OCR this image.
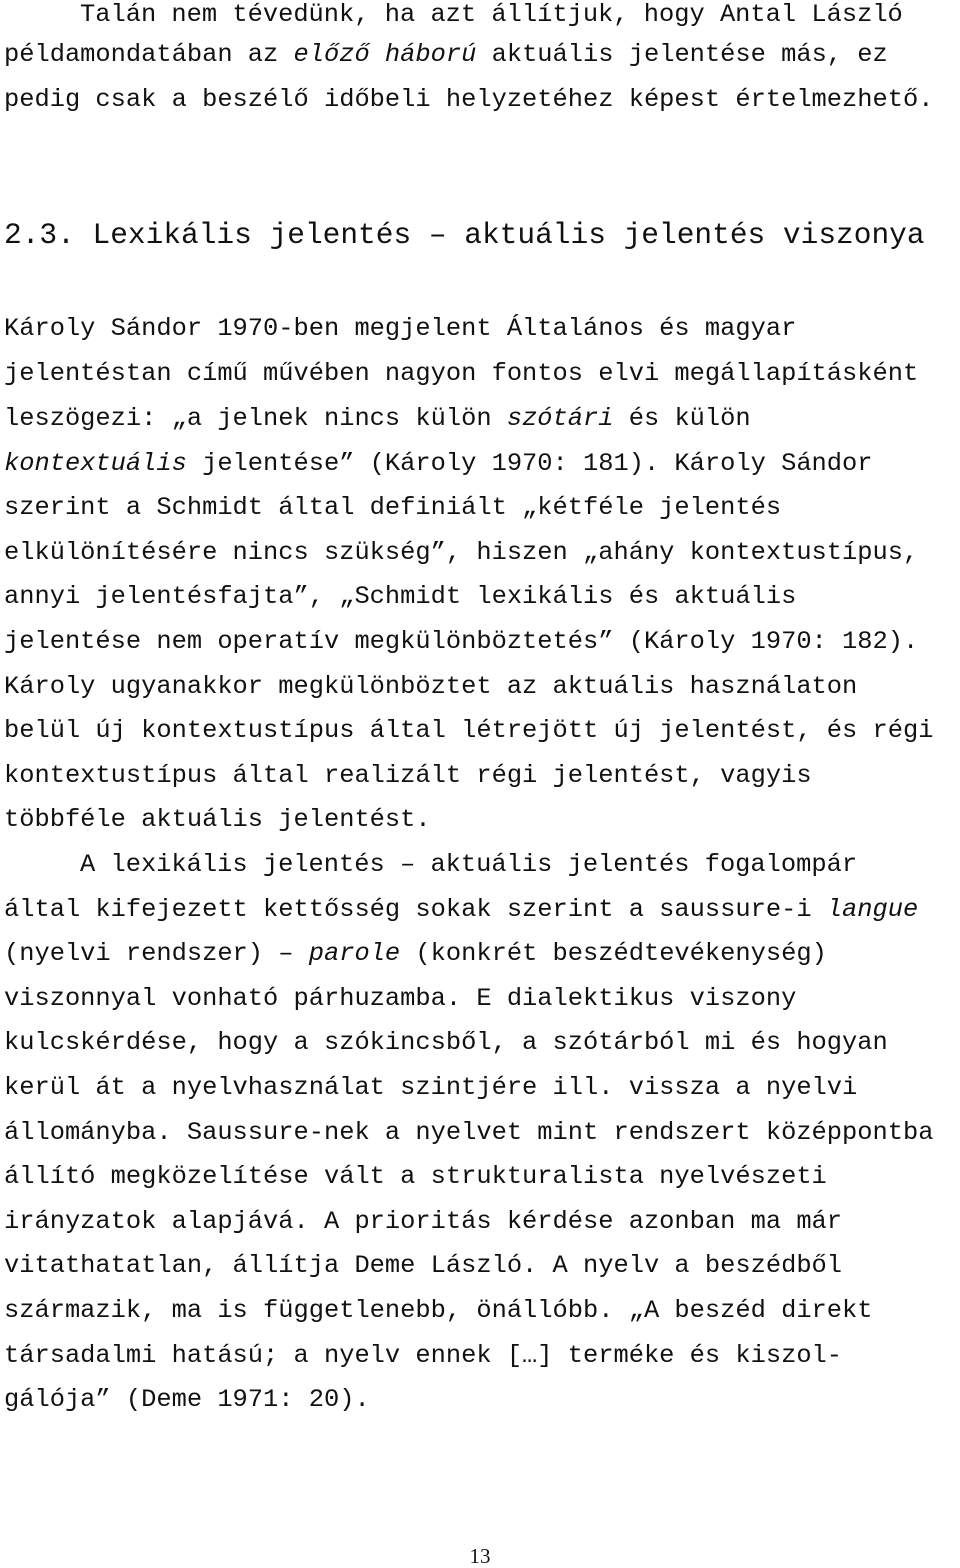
Talán nem tévedünk, ha azt állítjuk, hogy Antal László
példamondatában az előző háború aktuális jelentése más, ez
pedig csak a beszélő időbeli helyzetéhez képest értelmezhető.
2.3. Lexikális jelentés – aktuális jelentés viszonya
Károly Sándor 1970-ben megjelent Általános és magyar
jelentéstan című művében nagyon fontos elvi megállapításként
leszögezi: „a jelnek nincs külön szótári és külön
kontextuális jelentése” (Károly 1970: 181). Károly Sándor
szerint a Schmidt által definiált „kétféle jelentés
elkülönítésére nincs szükség”, hiszen „ahány kontextustípus,
annyi jelentésfajta”, „Schmidt lexikális és aktuális
jelentése nem operatív megkülönböztetés” (Károly 1970: 182).
Károly ugyanakkor megkülönböztet az aktuális használaton
belül új kontextustípus által létrejött új jelentést, és régi
kontextustípus által realizált régi jelentést, vagyis
többféle aktuális jelentést.
A lexikális jelentés – aktuális jelentés fogalompár
által kifejezett kettősség sokak szerint a saussure-i langue
(nyelvi rendszer) – parole (konkrét beszédtevékenység)
viszonnyal vonható párhuzamba. E dialektikus viszony
kulcskérdése, hogy a szókincsből, a szótárból mi és hogyan
kerül át a nyelvhasználat szintjére ill. vissza a nyelvi
állományba. Saussure-nek a nyelvet mint rendszert középpontba
állító megközelítése vált a strukturalista nyelvészeti
irányzatok alapjává. A prioritás kérdése azonban ma már
vitathatatlan, állítja Deme László. A nyelv a beszédből
származik, ma is függetlenebb, önállóbb. „A beszéd direkt
társadalmi hatású; a nyelv ennek […] terméke és kiszol-
gálója” (Deme 1971: 20).
13
